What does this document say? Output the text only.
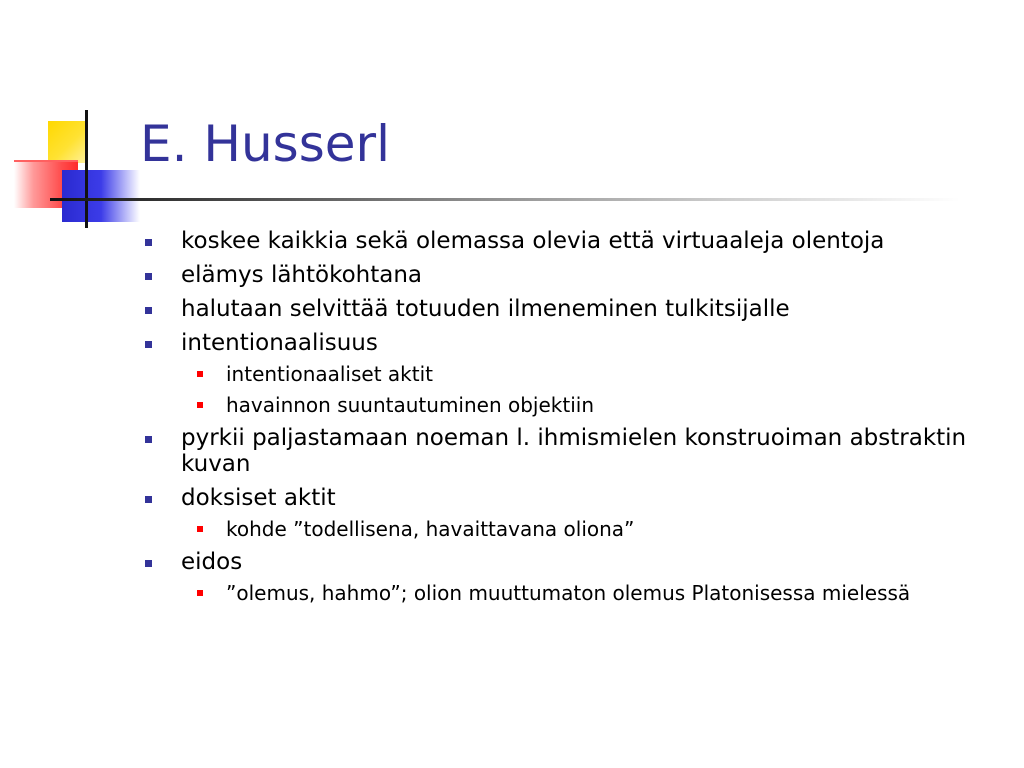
E. Husserl
koskee kaikkia sekä olemassa olevia että virtuaaleja olentoja
elämys lähtökohtana
halutaan selvittää totuuden ilmeneminen tulkitsijalle
intentionaalisuus
intentionaaliset aktit
havainnon suuntautuminen objektiin
pyrkii paljastamaan noeman l. ihmismielen konstruoiman abstraktin kuvan
doksiset aktit
kohde ”todellisena, havaittavana oliona”
eidos
”olemus, hahmo”; olion muuttumaton olemus Platonisessa mielessä
